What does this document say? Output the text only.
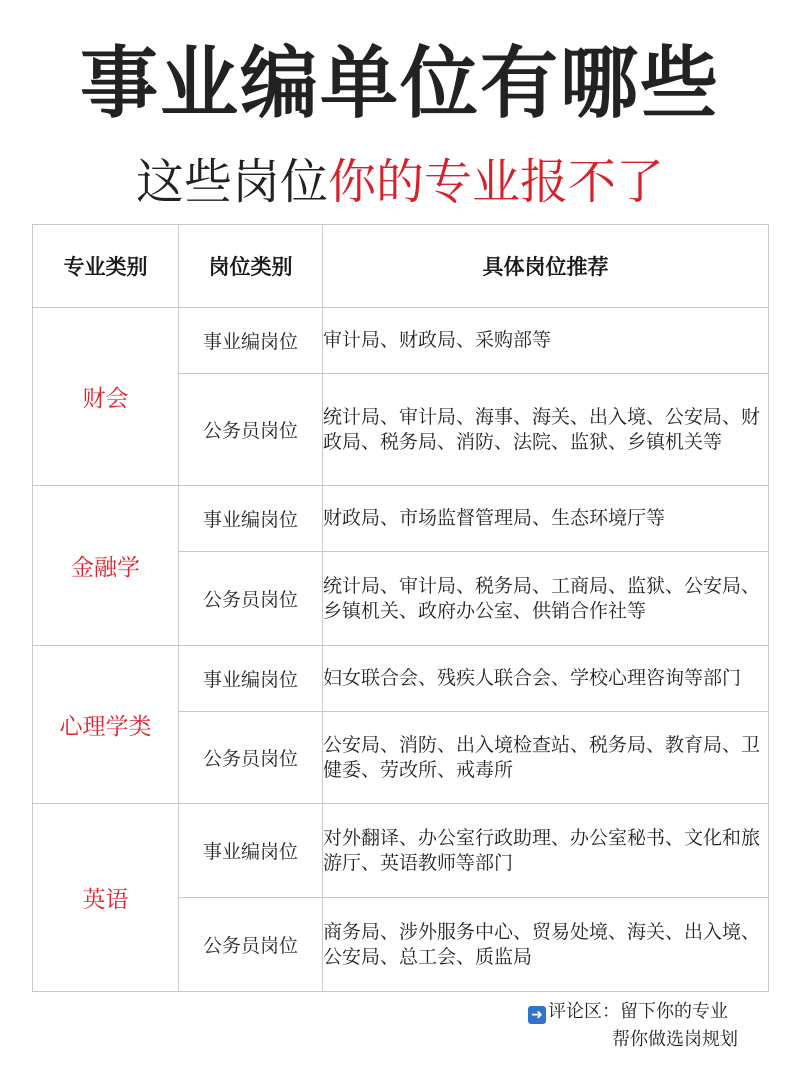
事业编单位有哪些
这些岗位你的专业报不了
专业类别	岗位类别	具体岗位推荐
财会	事业编岗位	审计局、财政局、采购部等
	公务员岗位	统计局、审计局、海事、海关、出入境、公安局、财政局、税务局、消防、法院、监狱、乡镇机关等
金融学	事业编岗位	财政局、市场监督管理局、生态环境厅等
	公务员岗位	统计局、审计局、税务局、工商局、监狱、公安局、乡镇机关、政府办公室、供销合作社等
心理学类	事业编岗位	妇女联合会、残疾人联合会、学校心理咨询等部门
	公务员岗位	公安局、消防、出入境检查站、税务局、教育局、卫健委、劳改所、戒毒所
英语	事业编岗位	对外翻译、办公室行政助理、办公室秘书、文化和旅游厅、英语教师等部门
	公务员岗位	商务局、涉外服务中心、贸易处境、海关、出入境、公安局、总工会、质监局
➜ 评论区：留下你的专业
帮你做选岗规划
